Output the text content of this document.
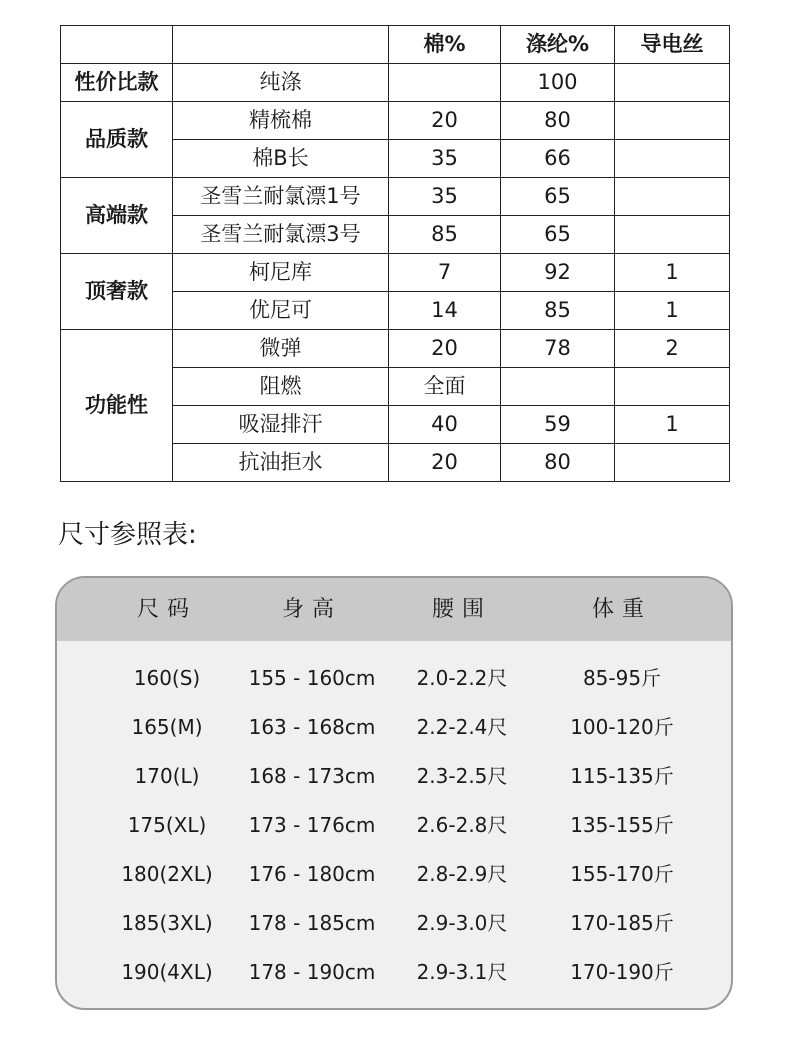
		棉%	涤纶%	导电丝
性价比款	纯涤		100	
品质款	精梳棉	20	80	
	棉B长	35	66	
高端款	圣雪兰耐氯漂1号	35	65	
	圣雪兰耐氯漂3号	85	65	
顶奢款	柯尼库	7	92	1
	优尼可	14	85	1
功能性	微弹	20	78	2
	阻燃	全面		
	吸湿排汗	40	59	1
	抗油拒水	20	80	
尺寸参照表:
尺码	身高	腰围	体重
160(S)	155 - 160cm	2.0-2.2尺	85-95斤
165(M)	163 - 168cm	2.2-2.4尺	100-120斤
170(L)	168 - 173cm	2.3-2.5尺	115-135斤
175(XL)	173 - 176cm	2.6-2.8尺	135-155斤
180(2XL)	176 - 180cm	2.8-2.9尺	155-170斤
185(3XL)	178 - 185cm	2.9-3.0尺	170-185斤
190(4XL)	178 - 190cm	2.9-3.1尺	170-190斤
